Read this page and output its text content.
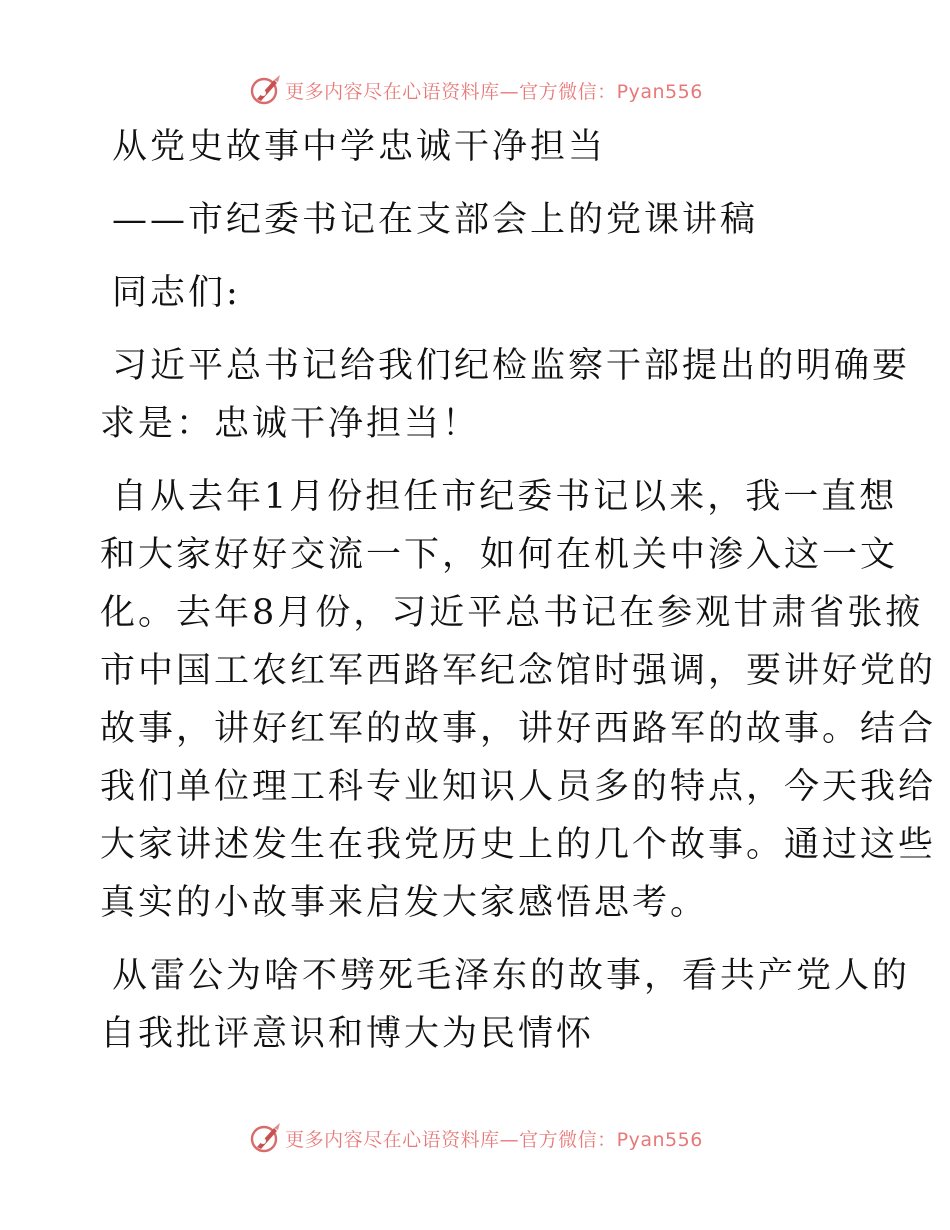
更多内容尽在心语资料库—官方微信：Pyan556
从党史故事中学忠诚干净担当
——市纪委书记在支部会上的党课讲稿
同志们:
习近平总书记给我们纪检监察干部提出的明确要
求是：忠诚干净担当！
自从去年1月份担任市纪委书记以来，我一直想
和大家好好交流一下，如何在机关中渗入这一文
化。去年8月份，习近平总书记在参观甘肃省张掖
市中国工农红军西路军纪念馆时强调，要讲好党的
故事，讲好红军的故事，讲好西路军的故事。结合
我们单位理工科专业知识人员多的特点，今天我给
大家讲述发生在我党历史上的几个故事。通过这些
真实的小故事来启发大家感悟思考。
从雷公为啥不劈死毛泽东的故事，看共产党人的
自我批评意识和博大为民情怀
更多内容尽在心语资料库—官方微信：Pyan556
